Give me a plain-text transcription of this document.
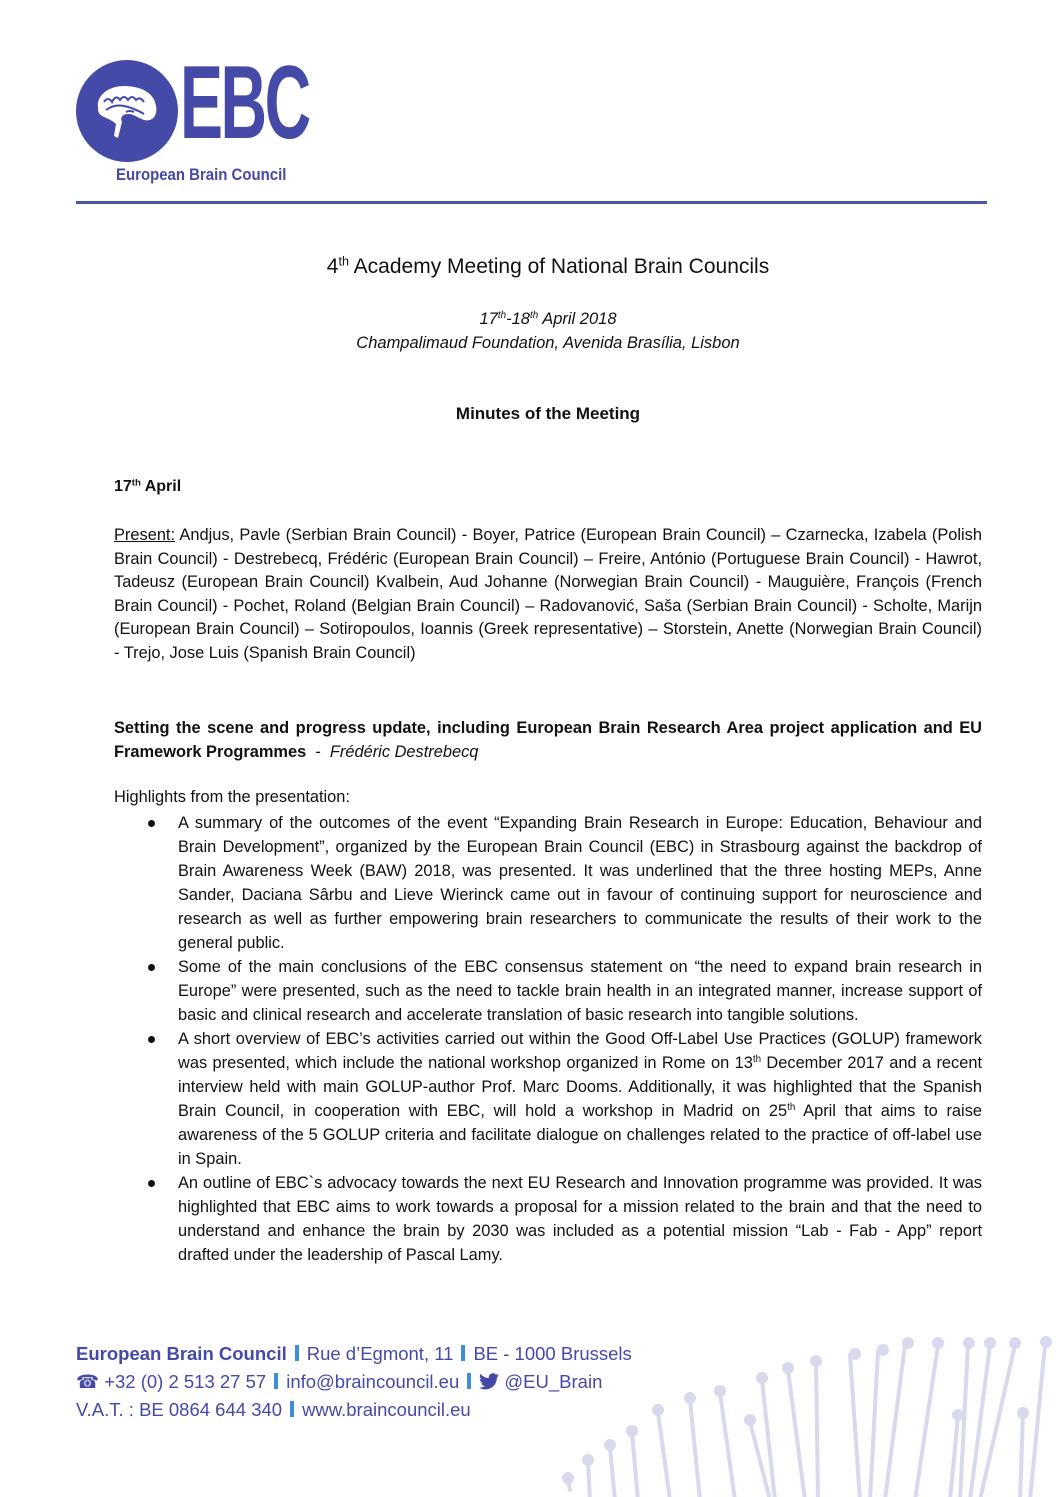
EBC
European Brain Council
4th Academy Meeting of National Brain Councils
17th-18th April 2018
Champalimaud Foundation, Avenida Brasília, Lisbon
Minutes of the Meeting
17th April
Present: Andjus, Pavle (Serbian Brain Council) - Boyer, Patrice (European Brain Council) – Czarnecka, Izabela (Polish Brain Council) - Destrebecq, Frédéric (European Brain Council) – Freire, António (Portuguese Brain Council) - Hawrot, Tadeusz (European Brain Council) Kvalbein, Aud Johanne (Norwegian Brain Council) - Mauguière, François (French Brain Council) - Pochet, Roland (Belgian Brain Council) – Radovanović, Saša (Serbian Brain Council) - Scholte, Marijn (European Brain Council) – Sotiropoulos, Ioannis (Greek representative) – Storstein, Anette (Norwegian Brain Council) - Trejo, Jose Luis (Spanish Brain Council)
Setting the scene and progress update, including European Brain Research Area project application and EU Framework Programmes  -  Frédéric Destrebecq
Highlights from the presentation:
A summary of the outcomes of the event “Expanding Brain Research in Europe: Education, Behaviour and Brain Development”, organized by the European Brain Council (EBC) in Strasbourg against the backdrop of Brain Awareness Week (BAW) 2018, was presented. It was underlined that the three hosting MEPs, Anne Sander, Daciana Sârbu and Lieve Wierinck came out in favour of continuing support for neuroscience and research as well as further empowering brain researchers to communicate the results of their work to the general public.
Some of the main conclusions of the EBC consensus statement on “the need to expand brain research in Europe” were presented, such as the need to tackle brain health in an integrated manner, increase support of basic and clinical research and accelerate translation of basic research into tangible solutions.
A short overview of EBC’s activities carried out within the Good Off-Label Use Practices (GOLUP) framework was presented, which include the national workshop organized in Rome on 13th December 2017 and a recent interview held with main GOLUP-author Prof. Marc Dooms. Additionally, it was highlighted that the Spanish Brain Council, in cooperation with EBC, will hold a workshop in Madrid on 25th April that aims to raise awareness of the 5 GOLUP criteria and facilitate dialogue on challenges related to the practice of off-label use in Spain.
An outline of EBC`s advocacy towards the next EU Research and Innovation programme was provided. It was highlighted that EBC aims to work towards a proposal for a mission related to the brain and that the need to understand and enhance the brain by 2030 was included as a potential mission “Lab - Fab - App” report drafted under the leadership of Pascal Lamy.
European Brain Council Rue d’Egmont, 11 BE - 1000 Brussels
☎ +32 (0) 2 513 27 57 info@braincouncil.eu @EU_Brain
V.A.T. : BE 0864 644 340 www.braincouncil.eu
